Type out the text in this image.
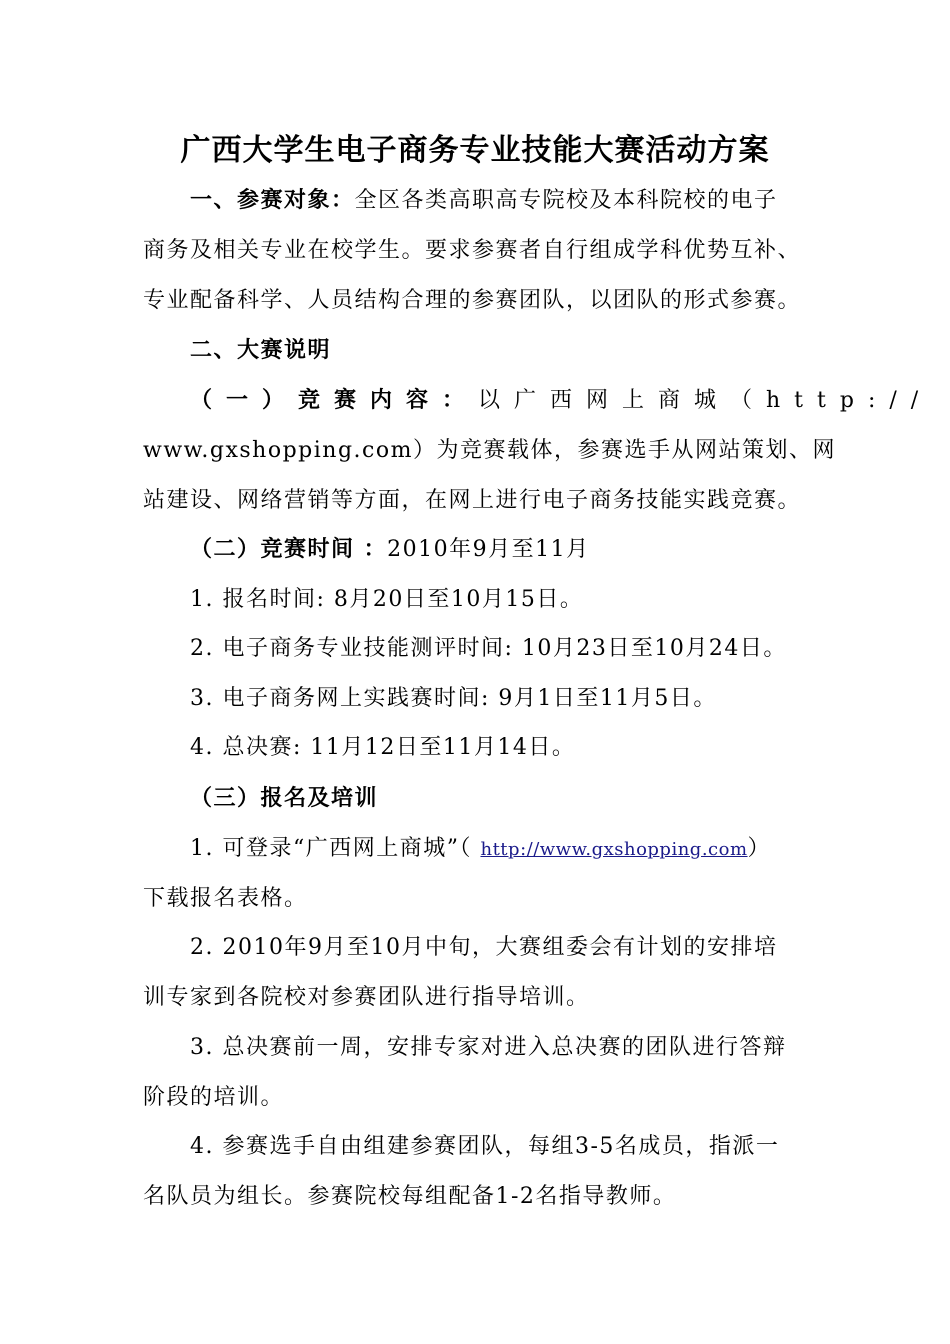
广西大学生电子商务专业技能大赛活动方案
一、参赛对象：全区各类高职高专院校及本科院校的电子
商务及相关专业在校学生。要求参赛者自行组成学科优势互补、
专业配备科学、人员结构合理的参赛团队，以团队的形式参赛。
二、大赛说明
（一）竞赛内容：以广西网上商城（http://
www.gxshopping.com）为竞赛载体，参赛选手从网站策划、网
站建设、网络营销等方面，在网上进行电子商务技能实践竞赛。
（二）竞赛时间 ：2010年9月至11月
1. 报名时间: 8月20日至10月15日。
2. 电子商务专业技能测评时间: 10月23日至10月24日。
3. 电子商务网上实践赛时间: 9月1日至11月5日。
4. 总决赛: 11月12日至11月14日。
（三）报名及培训
1. 可登录“广西网上商城”（ http://www.gxshopping.com）
下载报名表格。
2. 2010年9月至10月中旬，大赛组委会有计划的安排培
训专家到各院校对参赛团队进行指导培训。
3. 总决赛前一周，安排专家对进入总决赛的团队进行答辩
阶段的培训。
4. 参赛选手自由组建参赛团队，每组3-5名成员，指派一
名队员为组长。参赛院校每组配备1-2名指导教师。
